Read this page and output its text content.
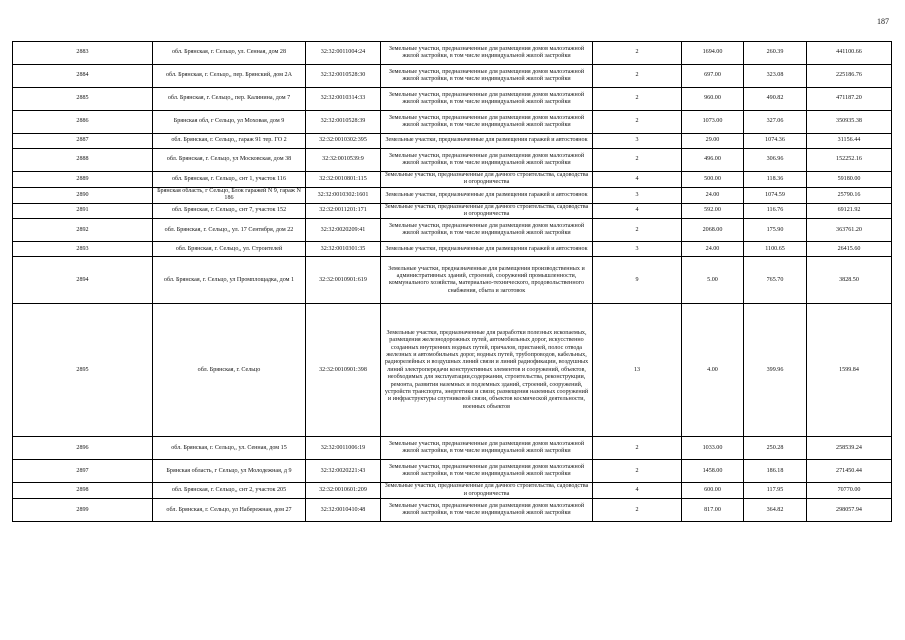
187
2883	обл. Брянская, г. Сельцо, ул. Сенная, дом 28	32:32:0011004:24	Земельные участки, предназначенные для размещения домов малоэтажной жилой застройки, в том числе индивидуальной жилой застройки	2	1694.00	260.39	441100.66
2884	обл. Брянская, г. Сельцо,, пер. Брянский, дом 2А	32:32:0010528:30	Земельные участки, предназначенные для размещения домов малоэтажной жилой застройки, в том числе индивидуальной жилой застройки	2	697.00	323.08	225186.76
2885	обл. Брянская, г. Сельцо,, пер. Калинина, дом 7	32:32:0010314:33	Земельные участки, предназначенные для размещения домов малоэтажной жилой застройки, в том числе индивидуальной жилой застройки	2	960.00	490.82	471187.20
2886	Брянская обл, г Сельцо, ул Моховая, дом 9	32:32:0010528:39	Земельные участки, предназначенные для размещения домов малоэтажной жилой застройки, в том числе индивидуальной жилой застройки	2	1073.00	327.06	350935.38
2887	обл. Брянская, г. Сельцо,, гараж 91 тер. ГО 2	32:32:0010302:395	Земельные участки, предназначенные для размещения гаражей и автостоянок	3	29.00	1074.36	31156.44
2888	обл. Брянская, г. Сельцо, ул Московская, дом 38	32:32:0010539:9	Земельные участки, предназначенные для размещения домов малоэтажной жилой застройки, в том числе индивидуальной жилой застройки	2	496.00	306.96	152252.16
2889	обл. Брянская, г. Сельцо,, снт 1, участок 116	32:32:0010801:115	Земельные участки, предназначенные для дачного строительства, садоводства и огородничества	4	500.00	118.36	59180.00
2890	Брянская область, г Сельцо, Блок гаражей N 9, гараж N 186	32:32:0010302:1601	Земельные участки, предназначенные для размещения гаражей и автостоянок	3	24.00	1074.59	25790.16
2891	обл. Брянская, г. Сельцо,, снт 7, участок 152	32:32:0011201:171	Земельные участки, предназначенные для дачного строительства, садоводства и огородничества	4	592.00	116.76	69121.92
2892	обл. Брянская, г. Сельцо,, ул. 17 Сентября, дом 22	32:32:0020209:41	Земельные участки, предназначенные для размещения домов малоэтажной жилой застройки, в том числе индивидуальной жилой застройки	2	2068.00	175.90	363761.20
2893	обл. Брянская, г. Сельцо,, ул. Строителей	32:32:0010301:35	Земельные участки, предназначенные для размещения гаражей и автостоянок	3	24.00	1100.65	26415.60
2894	обл. Брянская, г. Сельцо, ул Промплощадка, дом 1	32:32:0010901:619	Земельные участки, предназначенные для размещения производственных и административных зданий, строений, сооружений промышленности, коммунального хозяйства, материально-технического, продовольственного снабжения, сбыта и заготовок	9	5.00	765.70	3828.50
2895	обл. Брянская, г. Сельцо	32:32:0010901:398	Земельные участки, предназначенные для разработки полезных ископаемых, размещения железнодорожных путей, автомобильных дорог, искусственно созданных внутренних водных путей, причалов, пристаней, полос отвода железных и автомобильных дорог, водных путей, трубопроводов, кабельных, радиорелейных и воздушных линий связи и линий радиофикации, воздушных линий электропередачи конструктивных элементов и сооружений, объектов, необходимых для эксплуатации,содержания, строительства, реконструкции, ремонта, развития наземных и подземных зданий, строений, сооружений, устройств транспорта, энергетики и связи; размещения наземных сооружений и инфраструктуры спутниковой связи, объектов космической деятельности, военных объектов	13	4.00	399.96	1599.84
2896	обл. Брянская, г. Сельцо,, ул. Сенная, дом 15	32:32:0011006:19	Земельные участки, предназначенные для размещения домов малоэтажной жилой застройки, в том числе индивидуальной жилой застройки	2	1033.00	250.28	258539.24
2897	Брянская область, г Сельцо, ул Молодежная, д 9	32:32:0020221:43	Земельные участки, предназначенные для размещения домов малоэтажной жилой застройки, в том числе индивидуальной жилой застройки	2	1458.00	186.18	271450.44
2898	обл. Брянская, г. Сельцо,, снт 2, участок 205	32:32:0010601:209	Земельные участки, предназначенные для дачного строительства, садоводства и огородничества	4	600.00	117.95	70770.00
2899	обл. Брянская, г. Сельцо, ул Набережная, дом 27	32:32:0010410:48	Земельные участки, предназначенные для размещения домов малоэтажной жилой застройки, в том числе индивидуальной жилой застройки	2	817.00	364.82	298057.94
